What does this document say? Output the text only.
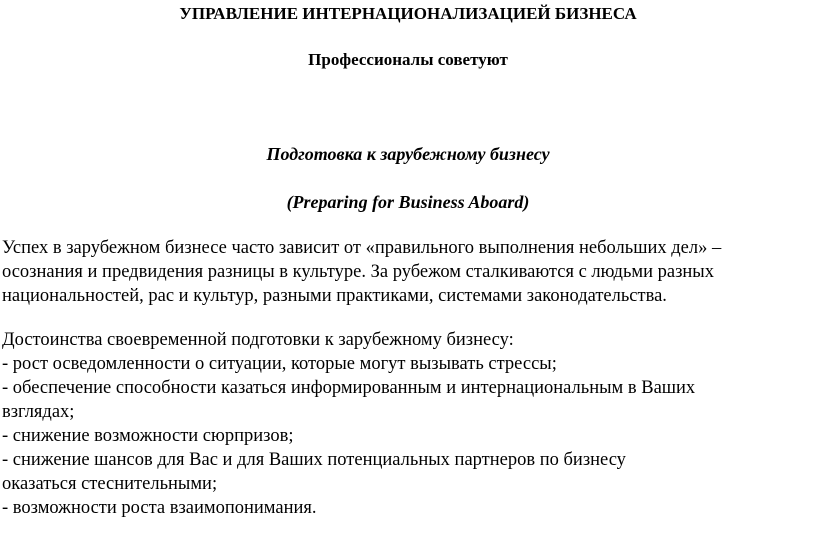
УПРАВЛЕНИЕ ИНТЕРНАЦИОНАЛИЗАЦИЕЙ БИЗНЕСА
Профессионалы советуют
Подготовка к зарубежному бизнесу
(Preparing for Business Aboard)
Успех в зарубежном бизнесе часто зависит от «правильного выполнения небольших дел» –
осознания и предвидения разницы в культуре. За рубежом сталкиваются с людьми разных
национальностей, рас и культур, разными практиками, системами законодательства.
Достоинства своевременной подготовки к зарубежному бизнесу:
- рост осведомленности о ситуации, которые могут вызывать стрессы;
- обеспечение способности казаться информированным и интернациональным в Ваших
взглядах;
- снижение возможности сюрпризов;
- снижение шансов для Вас и для Ваших потенциальных партнеров по бизнесу
оказаться стеснительными;
- возможности роста взаимопонимания.
